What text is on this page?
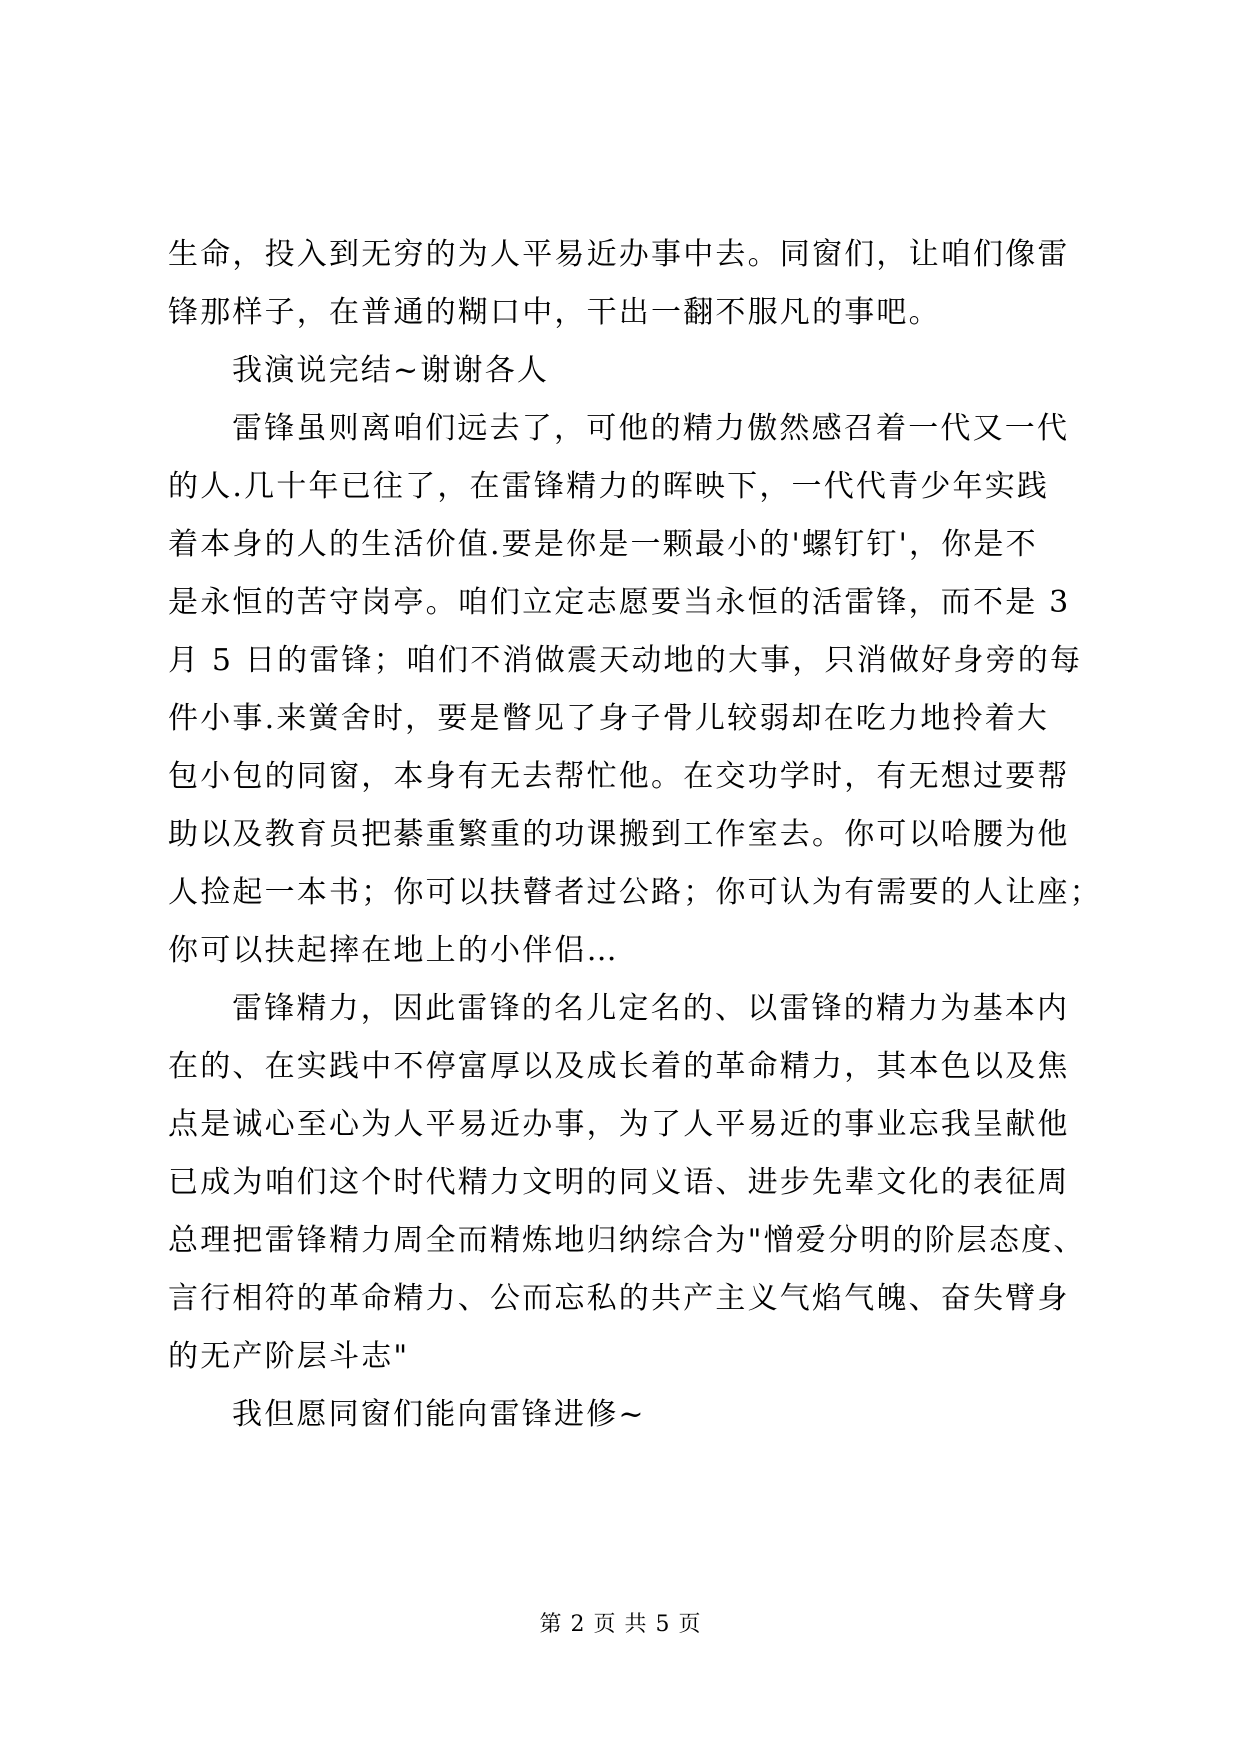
生命，投入到无穷的为人平易近办事中去。同窗们，让咱们像雷
锋那样子，在普通的糊口中，干出一翻不服凡的事吧。
我演说完结~谢谢各人
雷锋虽则离咱们远去了，可他的精力傲然感召着一代又一代
的人.几十年已往了，在雷锋精力的晖映下，一代代青少年实践
着本身的人的生活价值.要是你是一颗最小的'螺钉钉'，你是不
是永恒的苦守岗亭。咱们立定志愿要当永恒的活雷锋，而不是 3
月 5 日的雷锋；咱们不消做震天动地的大事，只消做好身旁的每
件小事.来黉舍时，要是瞥见了身子骨儿较弱却在吃力地拎着大
包小包的同窗，本身有无去帮忙他。在交功学时，有无想过要帮
助以及教育员把綦重繁重的功课搬到工作室去。你可以哈腰为他
人捡起一本书；你可以扶瞽者过公路；你可认为有需要的人让座；
你可以扶起摔在地上的小伴侣…
雷锋精力，因此雷锋的名儿定名的、以雷锋的精力为基本内
在的、在实践中不停富厚以及成长着的革命精力，其本色以及焦
点是诚心至心为人平易近办事，为了人平易近的事业忘我呈献他
已成为咱们这个时代精力文明的同义语、进步先辈文化的表征周
总理把雷锋精力周全而精炼地归纳综合为"憎爱分明的阶层态度、
言行相符的革命精力、公而忘私的共产主义气焰气魄、奋失臂身
的无产阶层斗志"
我但愿同窗们能向雷锋进修~
第 2 页 共 5 页
